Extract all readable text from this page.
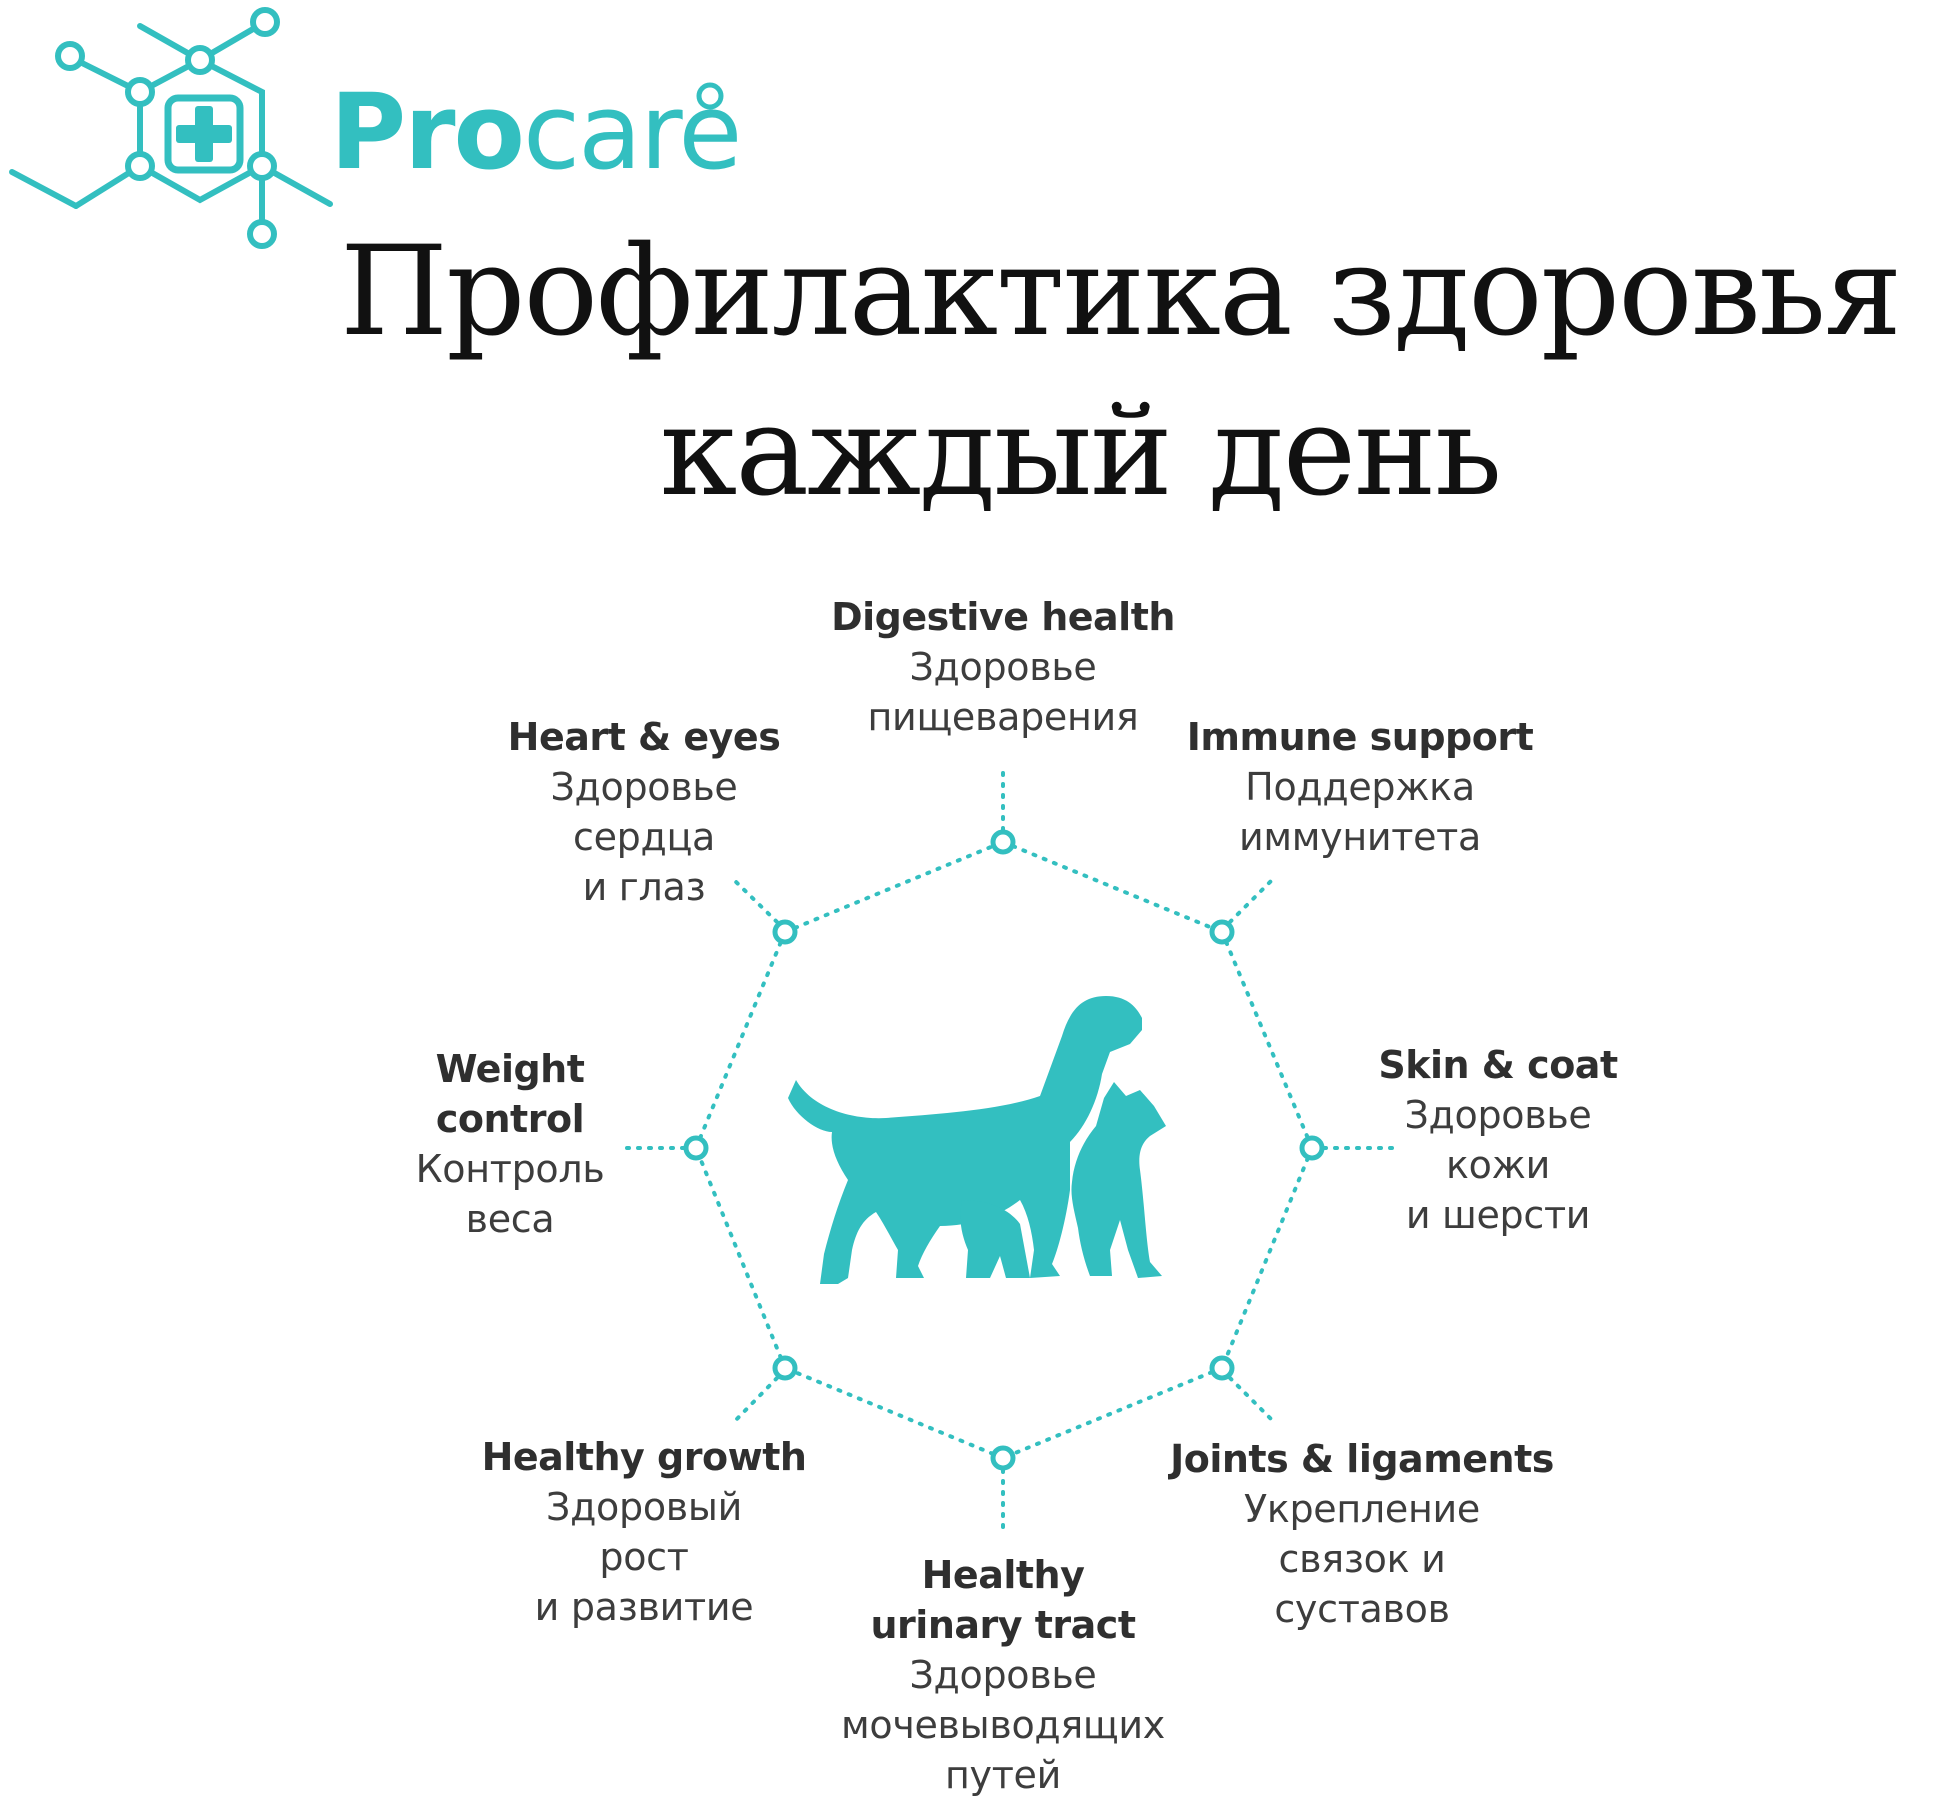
Procare
Профилактика здоровья
каждый день
Digestive health
Здоровье
пищеварения
Heart & eyes
Здоровье
сердца
и глаз
Immune support
Поддержка
иммунитета
Weight
control
Контроль
веса
Skin & coat
Здоровье
кожи
и шерсти
Healthy growth
Здоровый
рост
и развитие
Joints & ligaments
Укрепление
связок и
суставов
Healthy
urinary tract
Здоровье
мочевыводящих
путей
